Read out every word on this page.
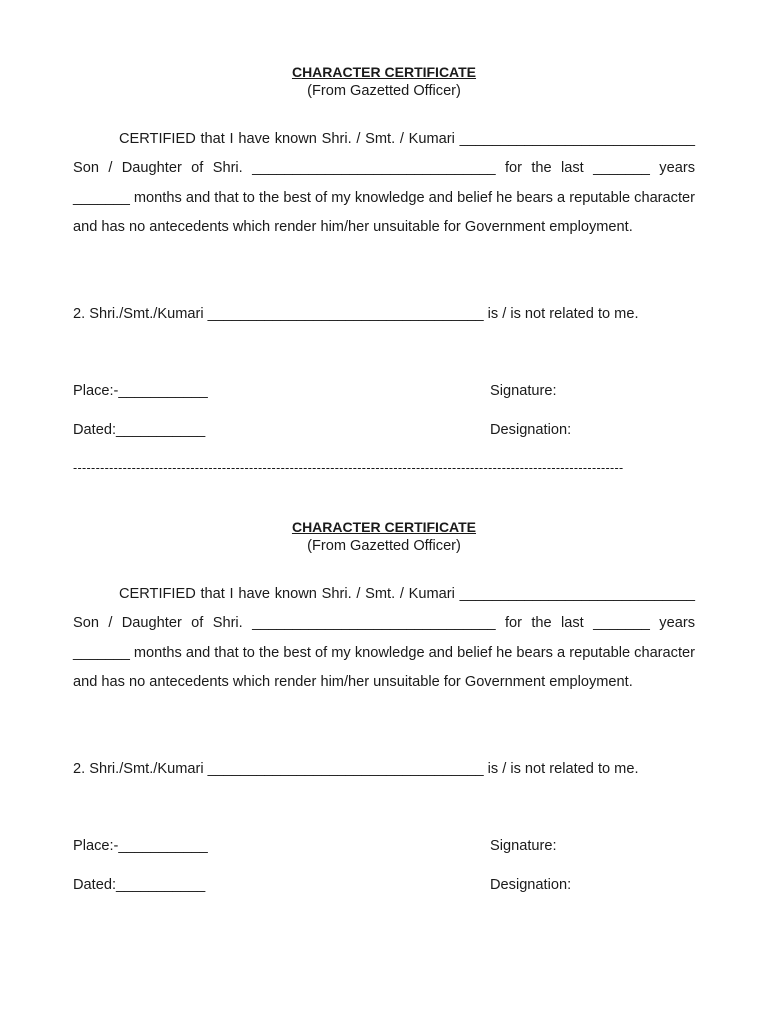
CHARACTER CERTIFICATE
(From Gazetted Officer)

CERTIFIED that I have known Shri. / Smt. / Kumari _____________________________ Son / Daughter of Shri. ______________________________ for the last _______ years _______ months and that to the best of my knowledge and belief he bears a reputable character and has no antecedents which render him/her unsuitable for Government employment.

2. Shri./Smt./Kumari __________________________________ is / is not related to me.
Place:-___________	Signature:
Dated:___________	Designation:
--------------------------------------------------------------------------------------------------------------------------
CHARACTER CERTIFICATE
(From Gazetted Officer)

CERTIFIED that I have known Shri. / Smt. / Kumari _____________________________ Son / Daughter of Shri. ______________________________ for the last _______ years _______ months and that to the best of my knowledge and belief he bears a reputable character and has no antecedents which render him/her unsuitable for Government employment.

2. Shri./Smt./Kumari __________________________________ is / is not related to me.
Place:-___________	Signature:
Dated:___________	Designation:
